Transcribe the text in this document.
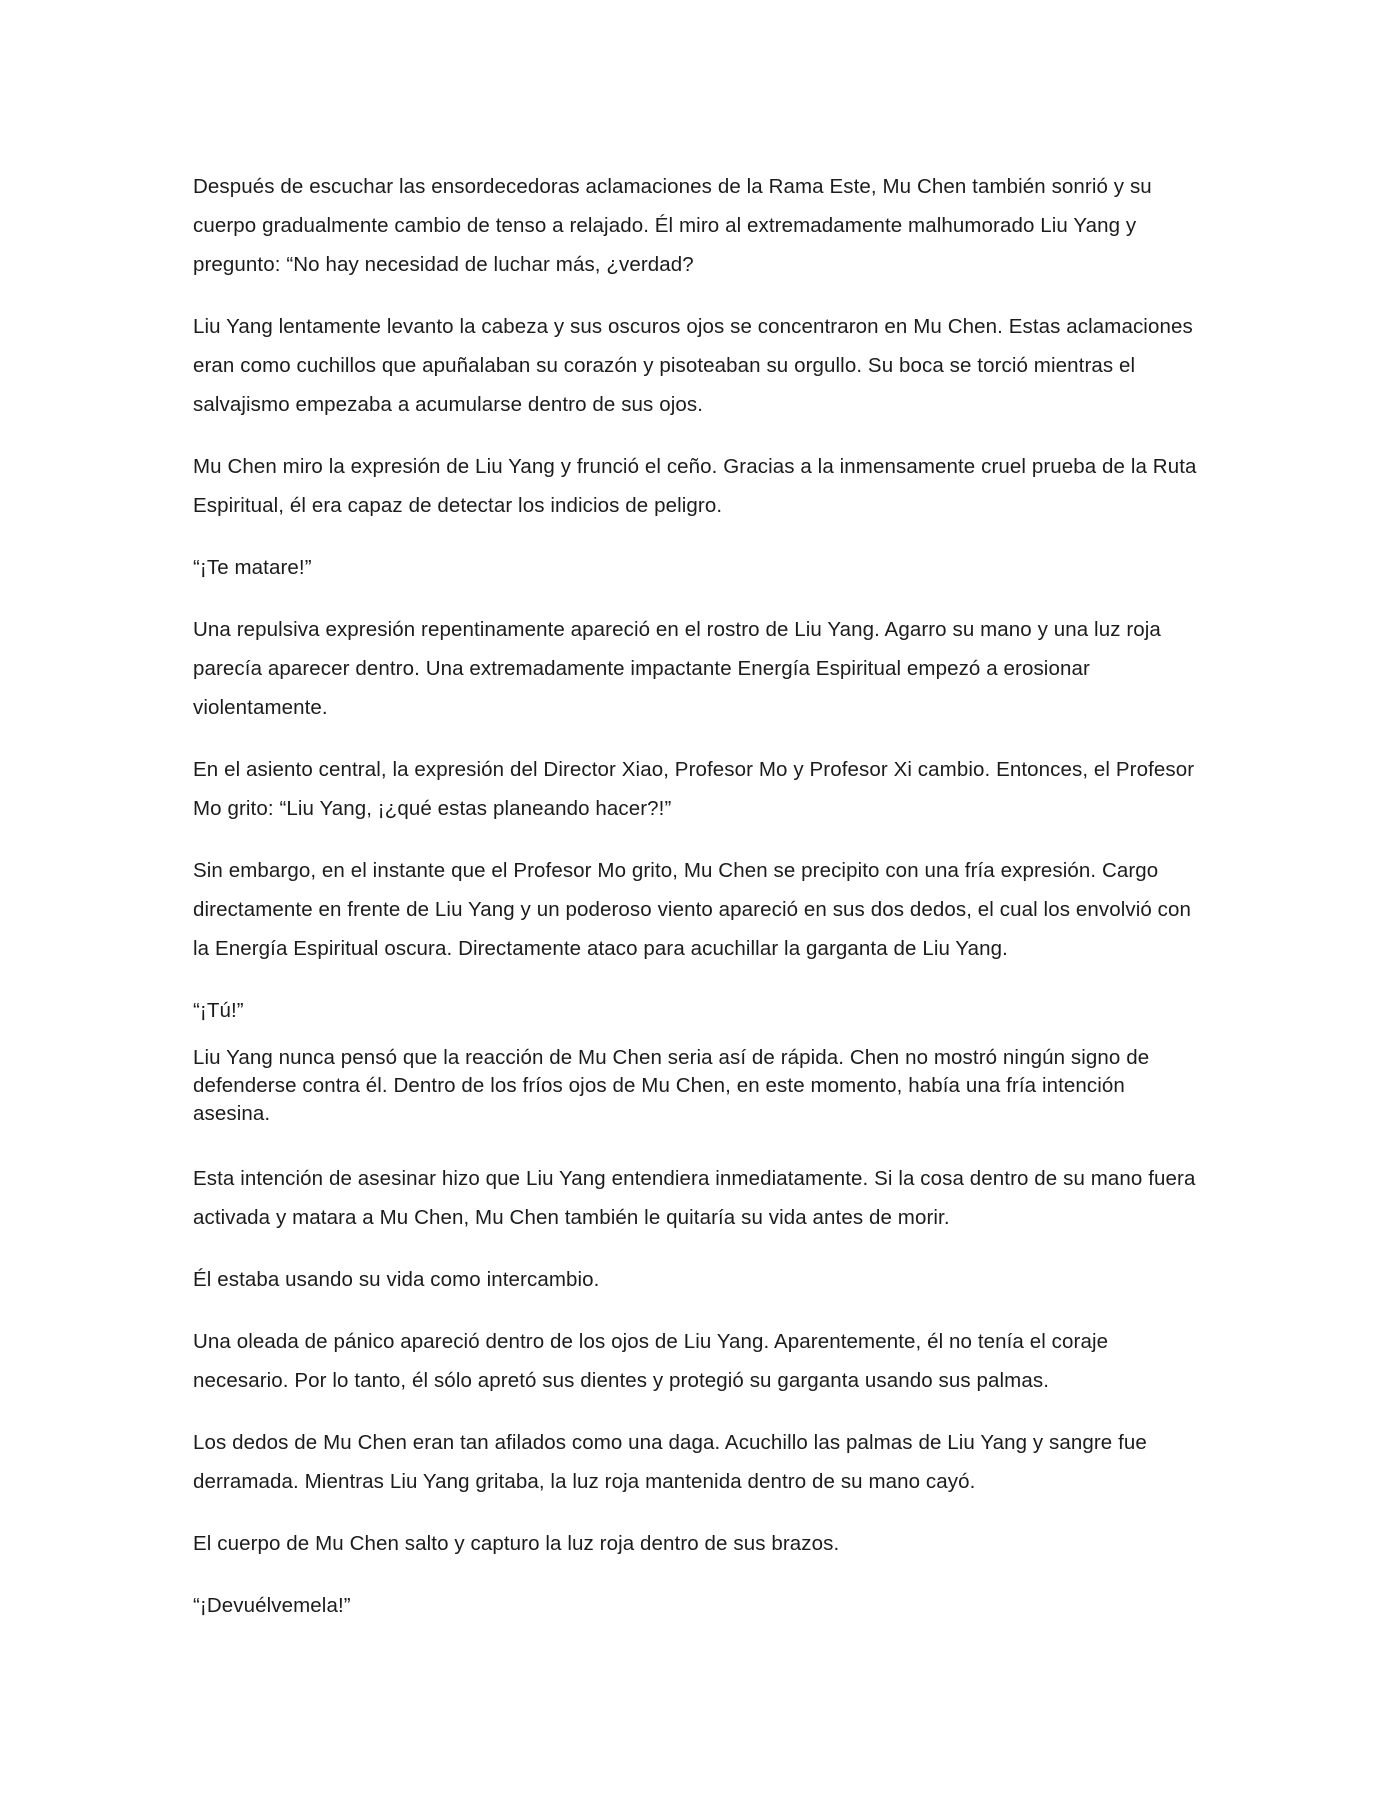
Después de escuchar las ensordecedoras aclamaciones de la Rama Este, Mu Chen también sonrió y su cuerpo gradualmente cambio de tenso a relajado. Él miro al extremadamente malhumorado Liu Yang y pregunto: “No hay necesidad de luchar más, ¿verdad?

Liu Yang lentamente levanto la cabeza y sus oscuros ojos se concentraron en Mu Chen. Estas aclamaciones eran como cuchillos que apuñalaban su corazón y pisoteaban su orgullo. Su boca se torció mientras el salvajismo empezaba a acumularse dentro de sus ojos.

Mu Chen miro la expresión de Liu Yang y frunció el ceño. Gracias a la inmensamente cruel prueba de la Ruta Espiritual, él era capaz de detectar los indicios de peligro.

“¡Te matare!”

Una repulsiva expresión repentinamente apareció en el rostro de Liu Yang. Agarro su mano y una luz roja parecía aparecer dentro. Una extremadamente impactante Energía Espiritual empezó a erosionar violentamente.

En el asiento central, la expresión del Director Xiao, Profesor Mo y Profesor Xi cambio. Entonces, el Profesor Mo grito: “Liu Yang, ¡¿qué estas planeando hacer?!”

Sin embargo, en el instante que el Profesor Mo grito, Mu Chen se precipito con una fría expresión. Cargo directamente en frente de Liu Yang y un poderoso viento apareció en sus dos dedos, el cual los envolvió con la Energía Espiritual oscura. Directamente ataco para acuchillar la garganta de Liu Yang.

“¡Tú!”

Liu Yang nunca pensó que la reacción de Mu Chen seria así de rápida. Chen no mostró ningún signo de defenderse contra él. Dentro de los fríos ojos de Mu Chen, en este momento, había una fría intención asesina.

Esta intención de asesinar hizo que Liu Yang entendiera inmediatamente. Si la cosa dentro de su mano fuera activada y matara a Mu Chen, Mu Chen también le quitaría su vida antes de morir.

Él estaba usando su vida como intercambio.

Una oleada de pánico apareció dentro de los ojos de Liu Yang. Aparentemente, él no tenía el coraje necesario. Por lo tanto, él sólo apretó sus dientes y protegió su garganta usando sus palmas.

Los dedos de Mu Chen eran tan afilados como una daga. Acuchillo las palmas de Liu Yang y sangre fue derramada. Mientras Liu Yang gritaba, la luz roja mantenida dentro de su mano cayó.

El cuerpo de Mu Chen salto y capturo la luz roja dentro de sus brazos.

“¡Devuélvemela!”
